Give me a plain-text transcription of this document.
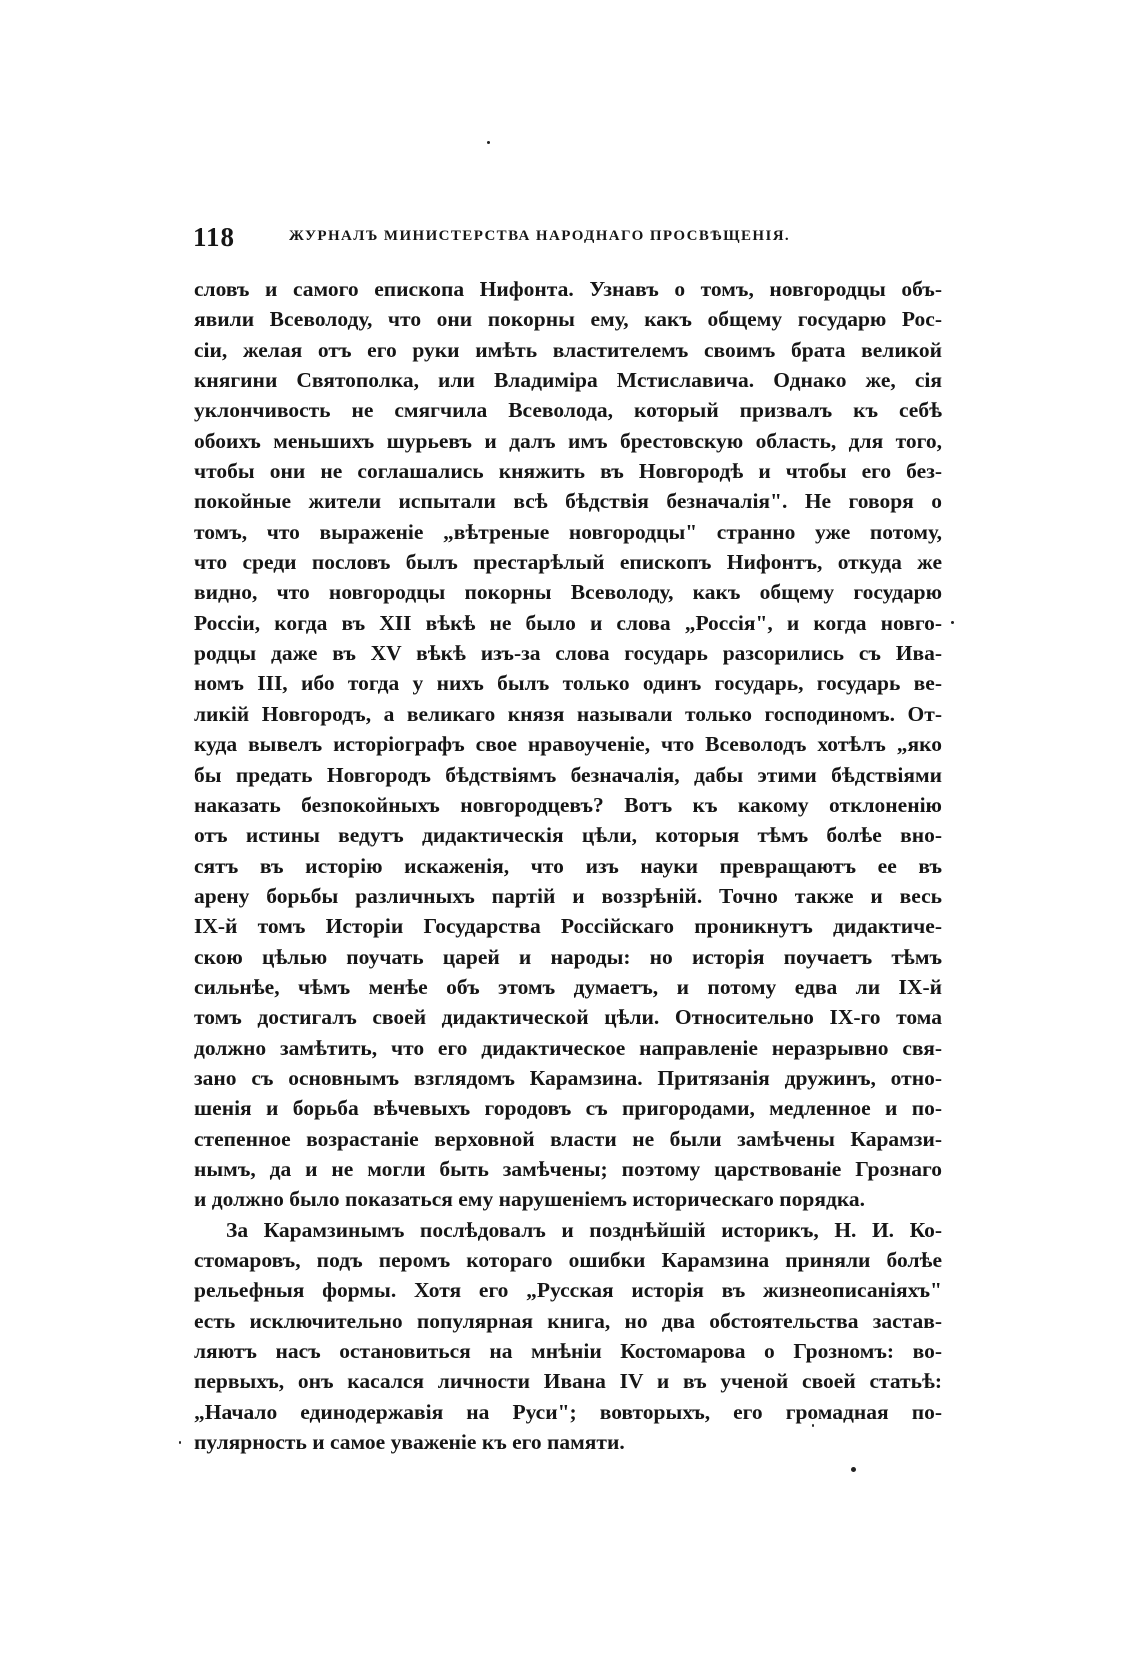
118	ЖУРНАЛЪ МИНИСТЕРСТВА НАРОДНАГО ПРОСВѢЩЕНІЯ.
словъ и самого епископа Нифонта. Узнавъ о томъ, новгородцы объ-
явили Всеволоду, что они покорны ему, какъ общему государю Рос-
сіи, желая отъ его руки имѣть властителемъ своимъ брата великой
княгини Святополка, или Владиміра Мстиславича. Однако же, сія
уклончивость не смягчила Всеволода, который призвалъ къ себѣ
обоихъ меньшихъ шурьевъ и далъ имъ брестовскую область, для того,
чтобы они не соглашались княжить въ Новгородѣ и чтобы его без-
покойные жители испытали всѣ бѣдствія безначалія". Не говоря о
томъ, что выраженіе „вѣтреные новгородцы" странно уже потому,
что среди пословъ былъ престарѣлый епископъ Нифонтъ, откуда же
видно, что новгородцы покорны Всеволоду, какъ общему государю
Россіи, когда въ XII вѣкѣ не было и слова „Россія", и когда новго-
родцы даже въ XV вѣкѣ изъ-за слова государь разсорились съ Ива-
номъ III, ибо тогда у нихъ былъ только одинъ государь, государь ве-
ликій Новгородъ, а великаго князя называли только господиномъ. От-
куда вывелъ исторіографъ свое нравоученіе, что Всеволодъ хотѣлъ „яко
бы предать Новгородъ бѣдствіямъ безначалія, дабы этими бѣдствіями
наказать безпокойныхъ новгородцевъ? Вотъ къ какому отклоненію
отъ истины ведутъ дидактическія цѣли, которыя тѣмъ болѣе вно-
сятъ въ исторію искаженія, что изъ науки превращаютъ ее въ
арену борьбы различныхъ партій и воззрѣній. Точно также и весь
IX-й томъ Исторіи Государства Россійскаго проникнутъ дидактиче-
скою цѣлью поучать царей и народы: но исторія поучаетъ тѣмъ
сильнѣе, чѣмъ менѣе объ этомъ думаетъ, и потому едва ли IX-й
томъ достигалъ своей дидактической цѣли. Относительно IX-го тома
должно замѣтить, что его дидактическое направленіе неразрывно свя-
зано съ основнымъ взглядомъ Карамзина. Притязанія дружинъ, отно-
шенія и борьба вѣчевыхъ городовъ съ пригородами, медленное и по-
степенное возрастаніе верховной власти не были замѣчены Карамзи-
нымъ, да и не могли быть замѣчены; поэтому царствованіе Грознаго
и должно было показаться ему нарушеніемъ историческаго порядка.
За Карамзинымъ послѣдовалъ и позднѣйшій историкъ, Н. И. Ко-
стомаровъ, подъ перомъ котораго ошибки Карамзина приняли болѣе
рельефныя формы. Хотя его „Русская исторія въ жизнеописаніяхъ"
есть исключительно популярная книга, но два обстоятельства застав-
ляютъ насъ остановиться на мнѣніи Костомарова о Грозномъ: во-
первыхъ, онъ касался личности Ивана IV и въ ученой своей статьѣ:
„Начало единодержавія на Руси"; вовторыхъ, его громадная по-
пулярность и самое уваженіе къ его памяти.
